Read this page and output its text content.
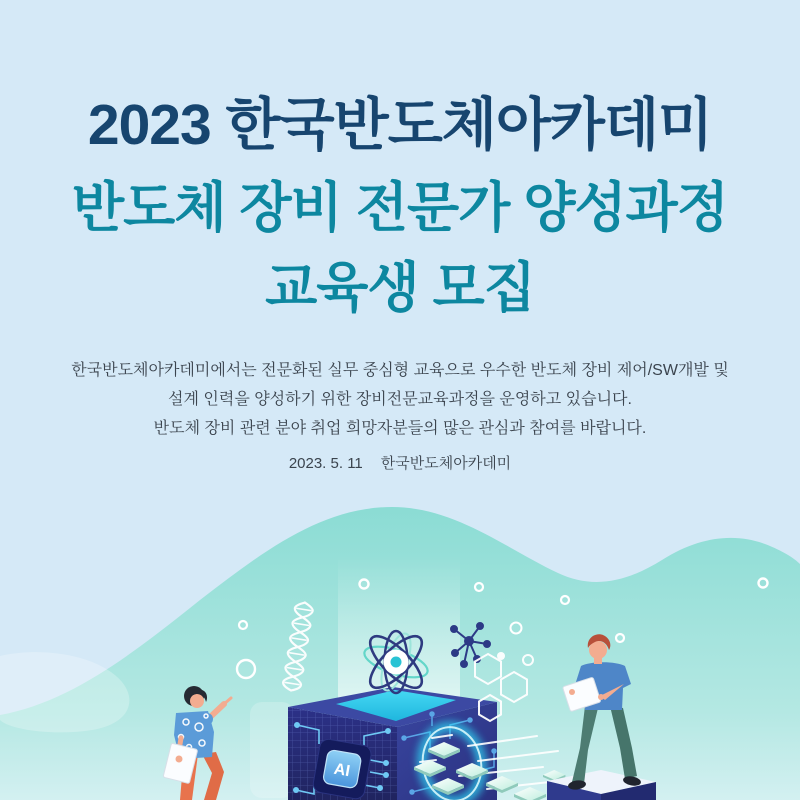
2023 한국반도체아카데미
반도체 장비 전문가 양성과정
교육생 모집
한국반도체아카데미에서는 전문화된 실무 중심형 교육으로 우수한 반도체 장비 제어/SW개발 및
설계 인력을 양성하기 위한 장비전문교육과정을 운영하고 있습니다.
반도체 장비 관련 분야 취업 희망자분들의 많은 관심과 참여를 바랍니다.
2023. 5. 11 한국반도체아카데미
AI
